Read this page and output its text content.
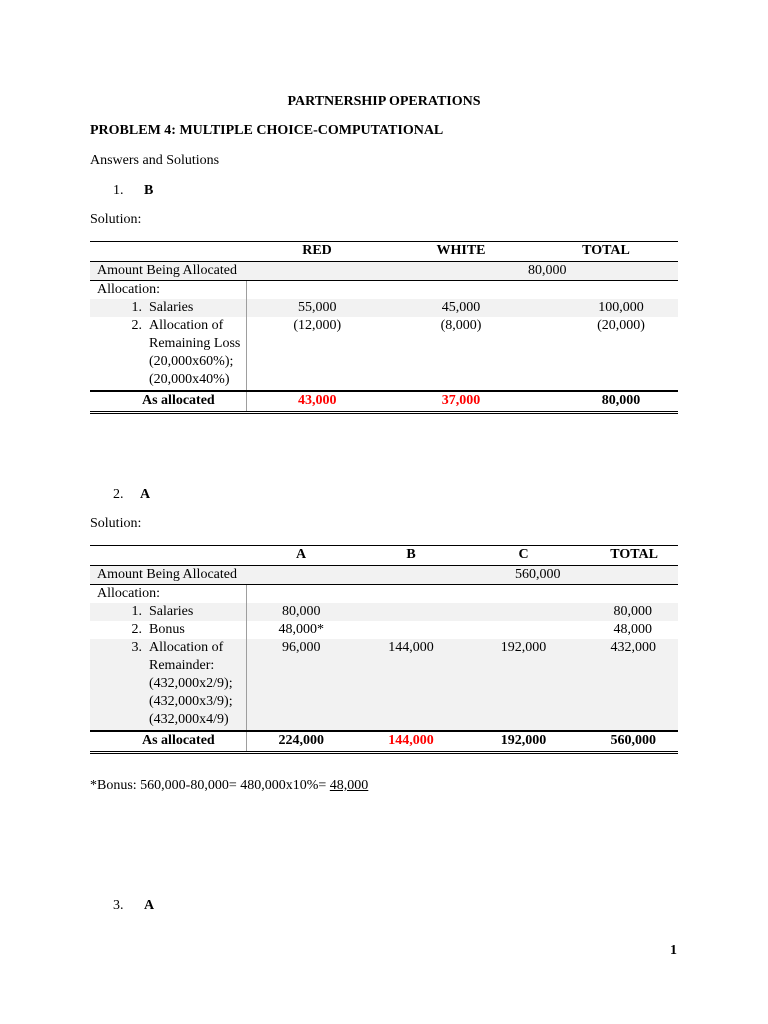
PARTNERSHIP OPERATIONS
PROBLEM 4: MULTIPLE CHOICE-COMPUTATIONAL
Answers and Solutions
1. B
Solution:
	RED	WHITE	TOTAL
Amount Being Allocated		80,000	
Allocation:			

1. Salaries	55,000	45,000	100,000

2. Allocation of Remaining Loss (20,000x60%); (20,000x40%)	(12,000)	(8,000)	(20,000)
As allocated	43,000	37,000	80,000
2. A
Solution:
	A	B	C	TOTAL
Amount Being Allocated			560,000	
Allocation:				

1. Salaries	80,000			80,000

2. Bonus	48,000*			48,000

3. Allocation of Remainder: (432,000x2/9); (432,000x3/9); (432,000x4/9)	96,000	144,000	192,000	432,000
As allocated	224,000	144,000	192,000	560,000
*Bonus: 560,000-80,000= 480,000x10%= 48,000
3. A
1
